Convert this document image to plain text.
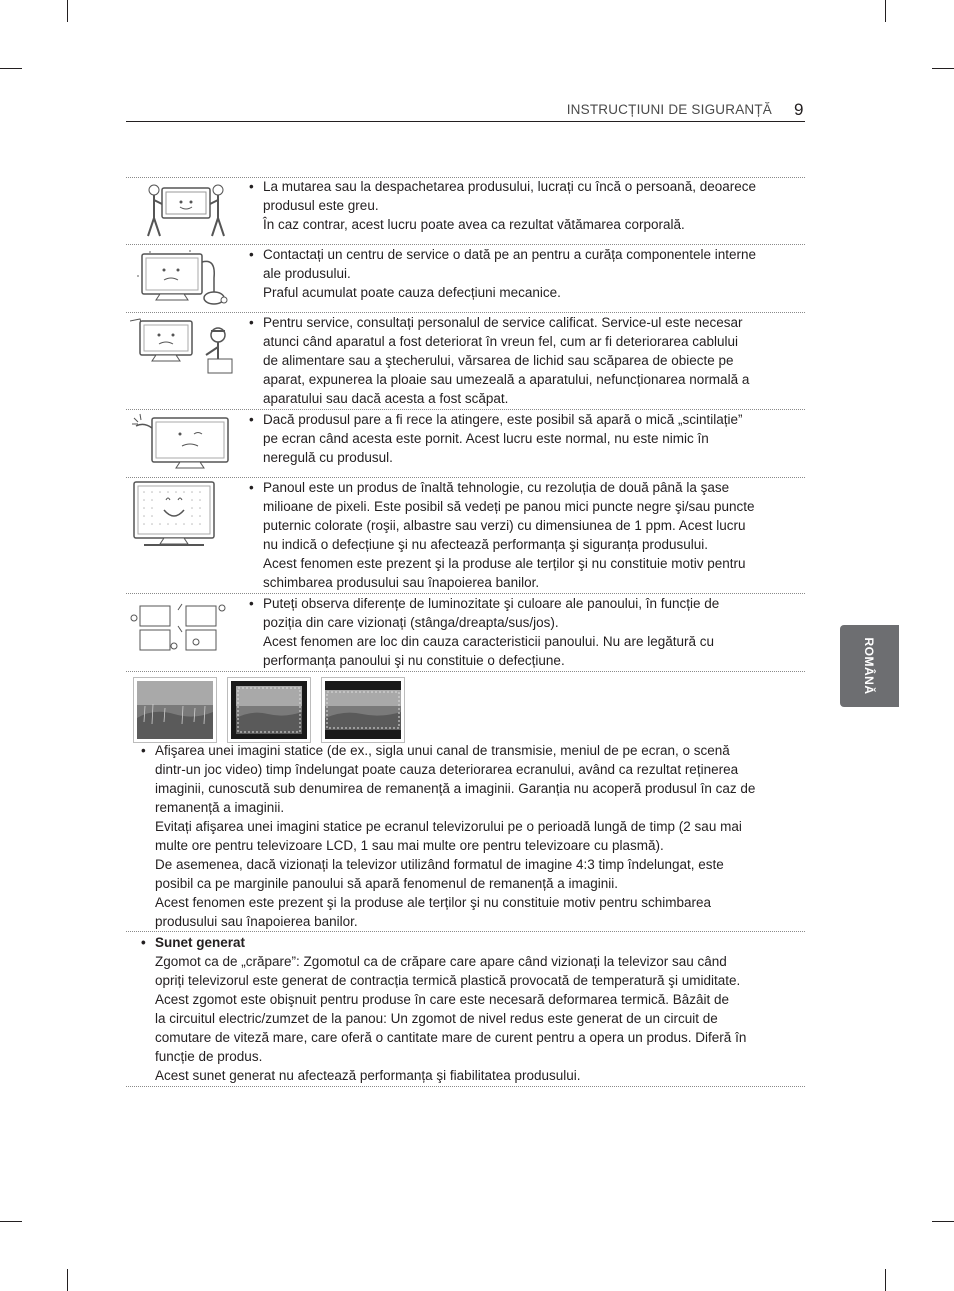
INSTRUCȚIUNI DE SIGURANȚĂ 9
ROMÂNĂ
• La mutarea sau la despachetarea produsului, lucrați cu încă o persoană, deoarece
produsul este greu.
În caz contrar, acest lucru poate avea ca rezultat vătămarea corporală.
• Contactați un centru de service o dată pe an pentru a curăța componentele interne
ale produsului.
Praful acumulat poate cauza defecțiuni mecanice.
• Pentru service, consultați personalul de service calificat. Service-ul este necesar
atunci când aparatul a fost deteriorat în vreun fel, cum ar fi deteriorarea cablului
de alimentare sau a ştecherului, vărsarea de lichid sau scăparea de obiecte pe
aparat, expunerea la ploaie sau umezeală a aparatului, nefuncționarea normală a
aparatului sau dacă acesta a fost scăpat.
• Dacă produsul pare a fi rece la atingere, este posibil să apară o mică „scintilație”
pe ecran când acesta este pornit. Acest lucru este normal, nu este nimic în
neregulă cu produsul.
• Panoul este un produs de înaltă tehnologie, cu rezoluția de două până la şase
milioane de pixeli. Este posibil să vedeți pe panou mici puncte negre şi/sau puncte
puternic colorate (roşii, albastre sau verzi) cu dimensiunea de 1 ppm. Acest lucru
nu indică o defecțiune şi nu afectează performanța şi siguranța produsului.
Acest fenomen este prezent şi la produse ale terților şi nu constituie motiv pentru
schimbarea produsului sau înapoierea banilor.
• Puteți observa diferențe de luminozitate şi culoare ale panoului, în funcție de
poziția din care vizionați (stânga/dreapta/sus/jos).
Acest fenomen are loc din cauza caracteristicii panoului. Nu are legătură cu
performanța panoului şi nu constituie o defecțiune.
• Afişarea unei imagini statice (de ex., sigla unui canal de transmisie, meniul de pe ecran, o scenă
dintr-un joc video) timp îndelungat poate cauza deteriorarea ecranului, având ca rezultat reținerea
imaginii, cunoscută sub denumirea de remanență a imaginii. Garanția nu acoperă produsul în caz de
remanență a imaginii.
Evitați afişarea unei imagini statice pe ecranul televizorului pe o perioadă lungă de timp (2 sau mai
multe ore pentru televizoare LCD, 1 sau mai multe ore pentru televizoare cu plasmă).
De asemenea, dacă vizionați la televizor utilizând formatul de imagine 4:3 timp îndelungat, este
posibil ca pe marginile panoului să apară fenomenul de remanență a imaginii.
Acest fenomen este prezent şi la produse ale terților şi nu constituie motiv pentru schimbarea
produsului sau înapoierea banilor.
• Sunet generat
Zgomot ca de „crăpare”: Zgomotul ca de crăpare care apare când vizionați la televizor sau când
opriți televizorul este generat de contracția termică plastică provocată de temperatură şi umiditate.
Acest zgomot este obişnuit pentru produse în care este necesară deformarea termică. Bâzâit de
la circuitul electric/zumzet de la panou: Un zgomot de nivel redus este generat de un circuit de
comutare de viteză mare, care oferă o cantitate mare de curent pentru a opera un produs. Diferă în
funcție de produs.
Acest sunet generat nu afectează performanța şi fiabilitatea produsului.
